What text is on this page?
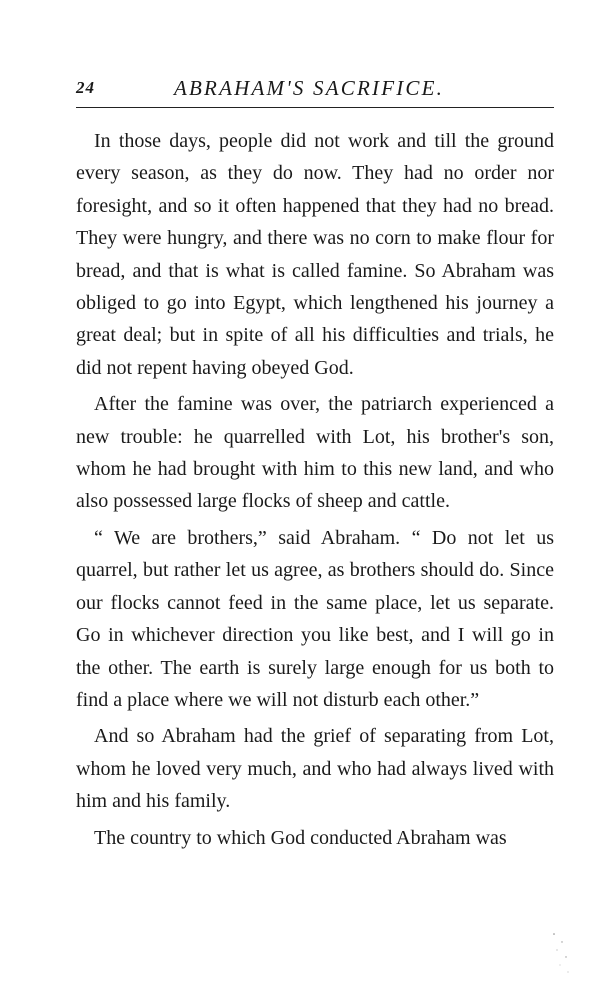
24	ABRAHAM'S SACRIFICE.

In those days, people did not work and till the ground every season, as they do now. They had no order nor foresight, and so it often happened that they had no bread. They were hungry, and there was no corn to make flour for bread, and that is what is called famine. So Abraham was obliged to go into Egypt, which lengthened his journey a great deal; but in spite of all his difficulties and trials, he did not repent having obeyed God.

After the famine was over, the patriarch experienced a new trouble: he quarrelled with Lot, his brother's son, whom he had brought with him to this new land, and who also possessed large flocks of sheep and cattle.

“ We are brothers,” said Abraham. “ Do not let us quarrel, but rather let us agree, as brothers should do. Since our flocks cannot feed in the same place, let us separate. Go in whichever direction you like best, and I will go in the other. The earth is surely large enough for us both to find a place where we will not disturb each other.”

And so Abraham had the grief of separating from Lot, whom he loved very much, and who had always lived with him and his family.

The country to which God conducted Abraham was
